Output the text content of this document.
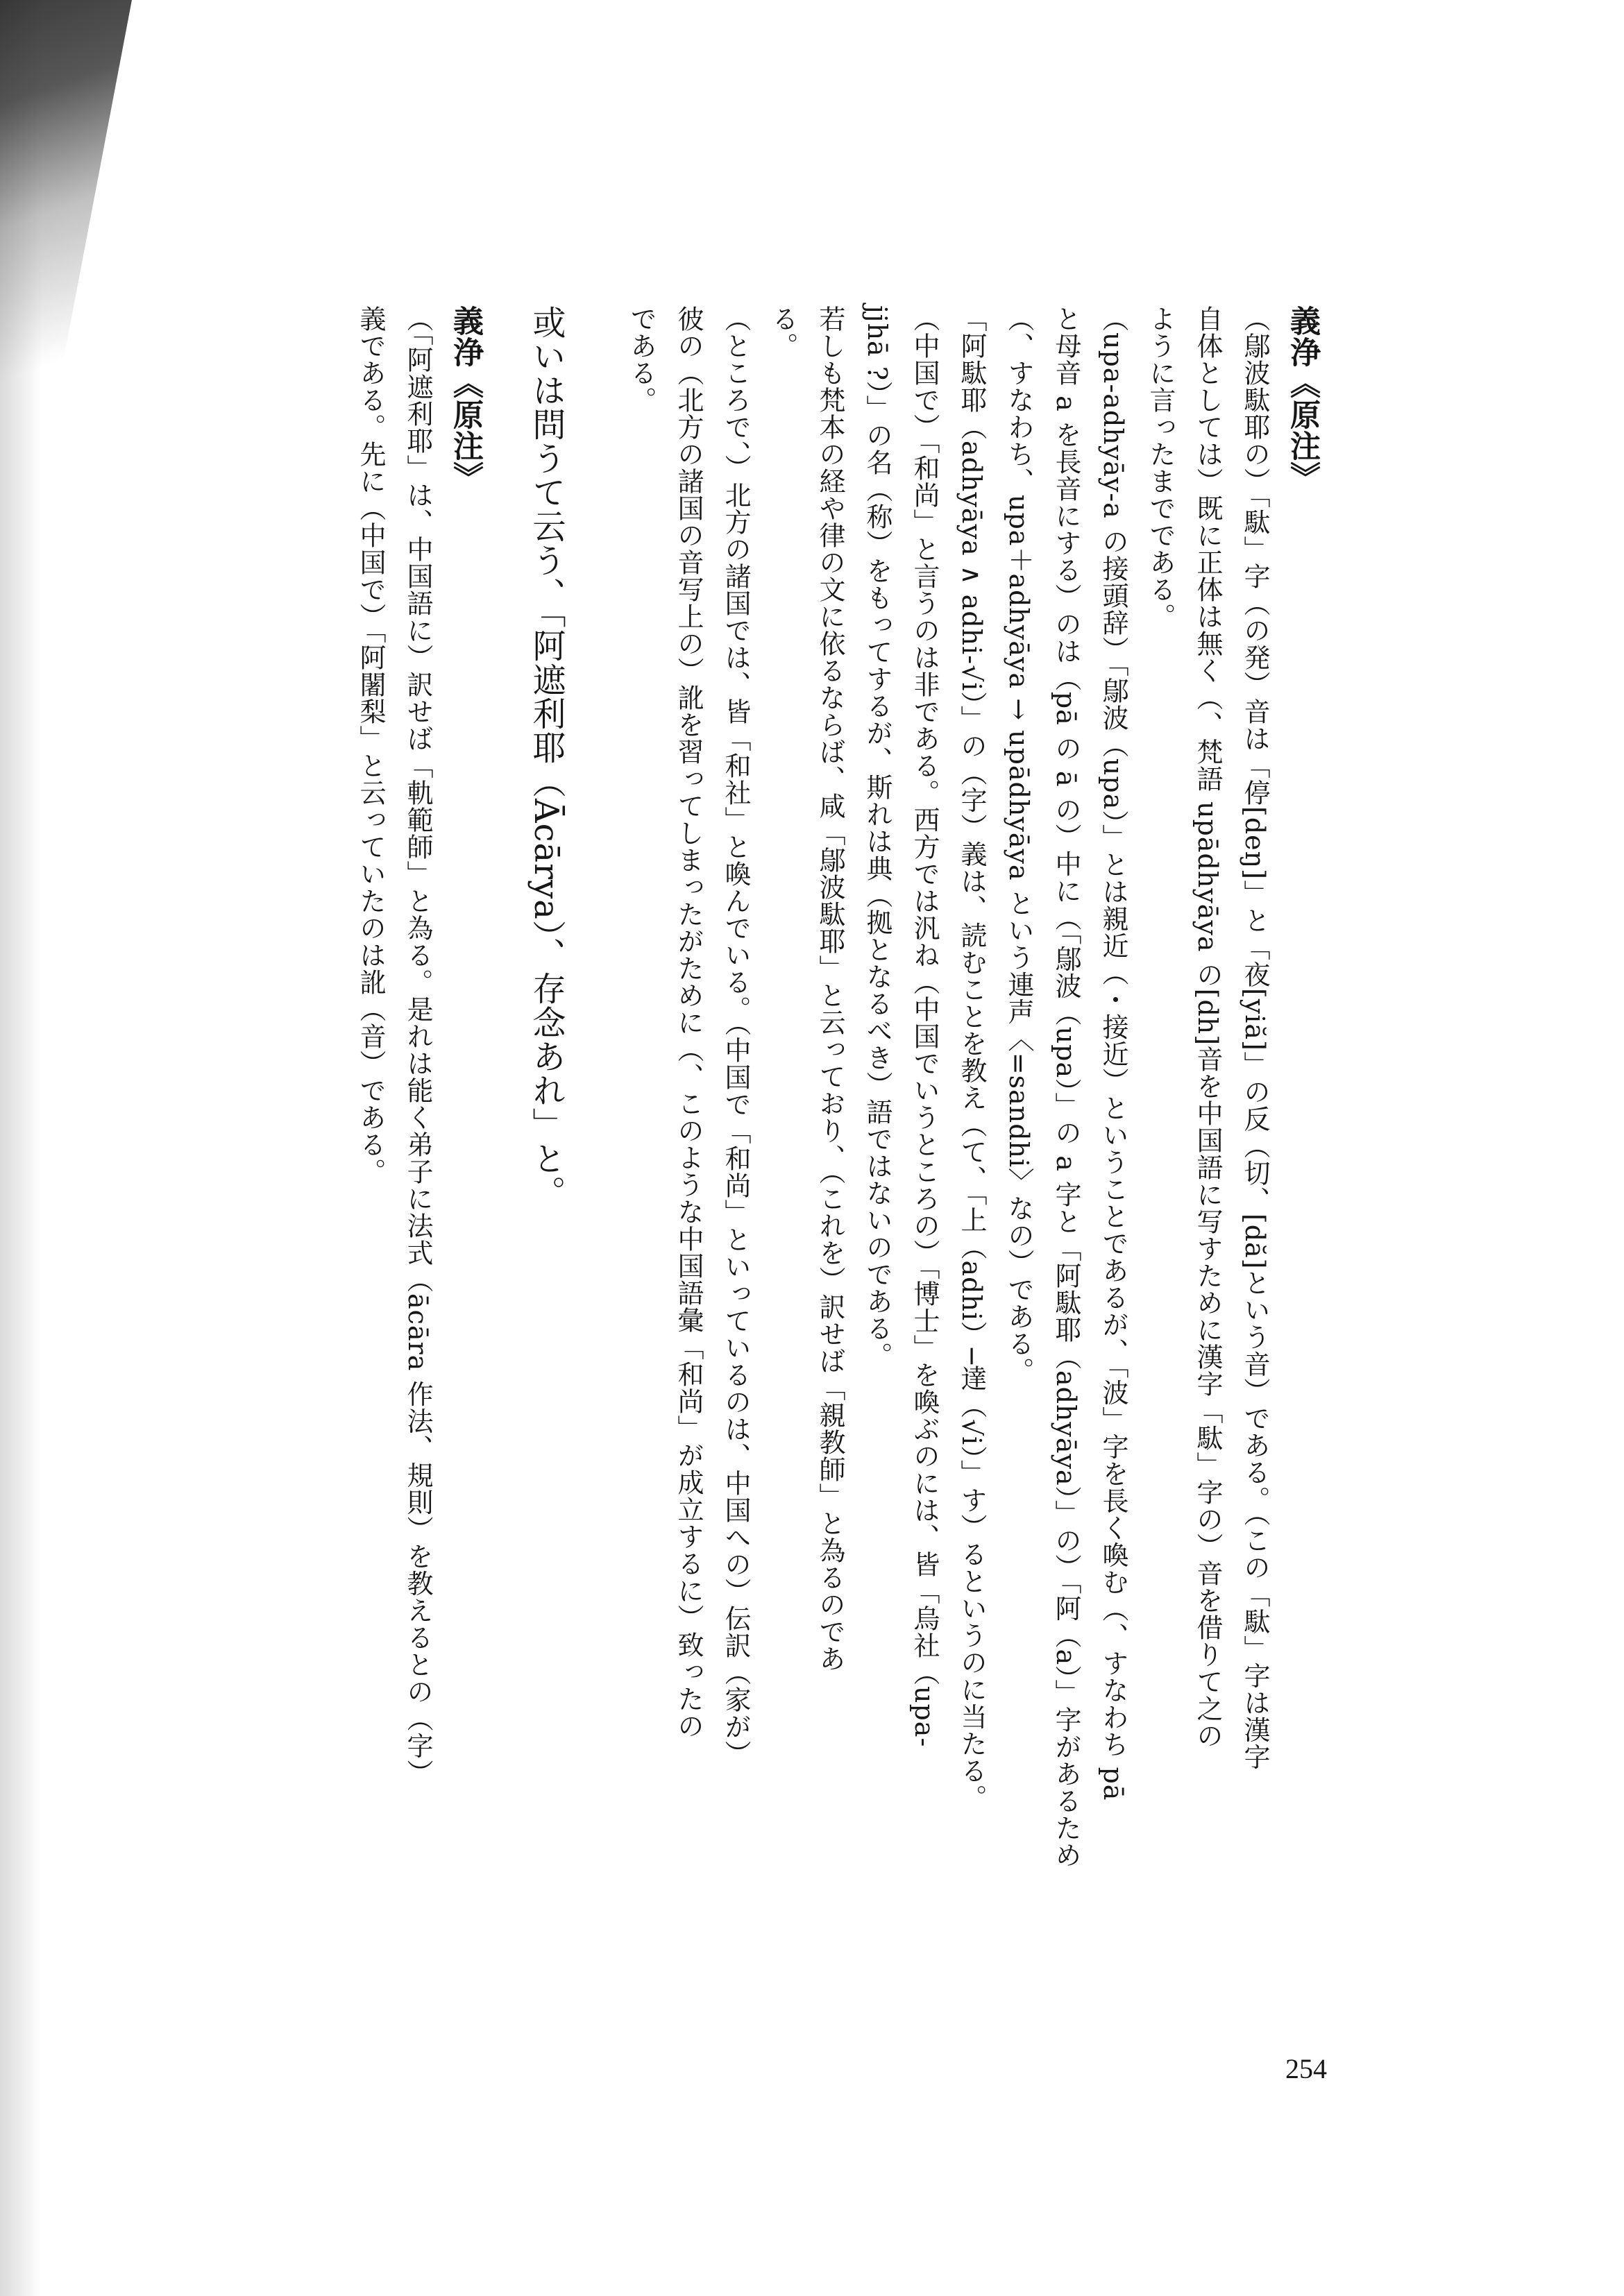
義浄《原注》
（鄔波駄耶の）「駄」字（の発）音は「停[deŋ]」と「夜[yiă]」の反（切、[dă]という音）である。（この「駄」字は漢字
自体としては）既に正体は無く（、梵語 upādhyāya の[dh]音を中国語に写すために漢字「駄」字の）音を借りて之の
ように言ったまでである。
（upa-adhyāy-a の接頭辞）「鄔波（upa）」とは親近（・接近）ということであるが、「波」字を長く喚む（、すなわち pā
と母音 a を長音にする）のは（pā の ā の）中に（「鄔波（upa）」の a 字と「阿駄耶（adhyāya）」の）「阿（a）」字があるため
（、すなわち、upa＋adhyāya → upādhyāya という連声〈=sandhi〉なの）である。
「阿駄耶（adhyāya ∧ adhi-√i）」の（字）義は、読むことを教え（て、「上（adhi）─達（√i）」す）るというのに当たる。
（中国で）「和尚」と言うのは非である。西方では汎ね（中国でいうところの）「博士」を喚ぶのには、皆「烏社（upa-
jjhā ?）」の名（称）をもってするが、斯れは典（拠となるべき）語ではないのである。
若しも梵本の経や律の文に依るならば、咸「鄔波駄耶」と云っており、（これを）訳せば「親教師」と為るのであ
る。
（ところで、）北方の諸国では、皆「和社」と喚んでいる。（中国で「和尚」といっているのは、中国への）伝訳（家が）
彼の（北方の諸国の音写上の）訛を習ってしまったがために（、このような中国語彙「和尚」が成立するに）致ったの
である。
或いは問うて云う、「阿遮利耶（Ācārya）、存念あれ」と。
義浄《原注》
（「阿遮利耶」は、中国語に）訳せば「軌範師」と為る。是れは能く弟子に法式（ācāra 作法、規則）を教えるとの（字）
義である。先に（中国で）「阿闍梨」と云っていたのは訛（音）である。
254
